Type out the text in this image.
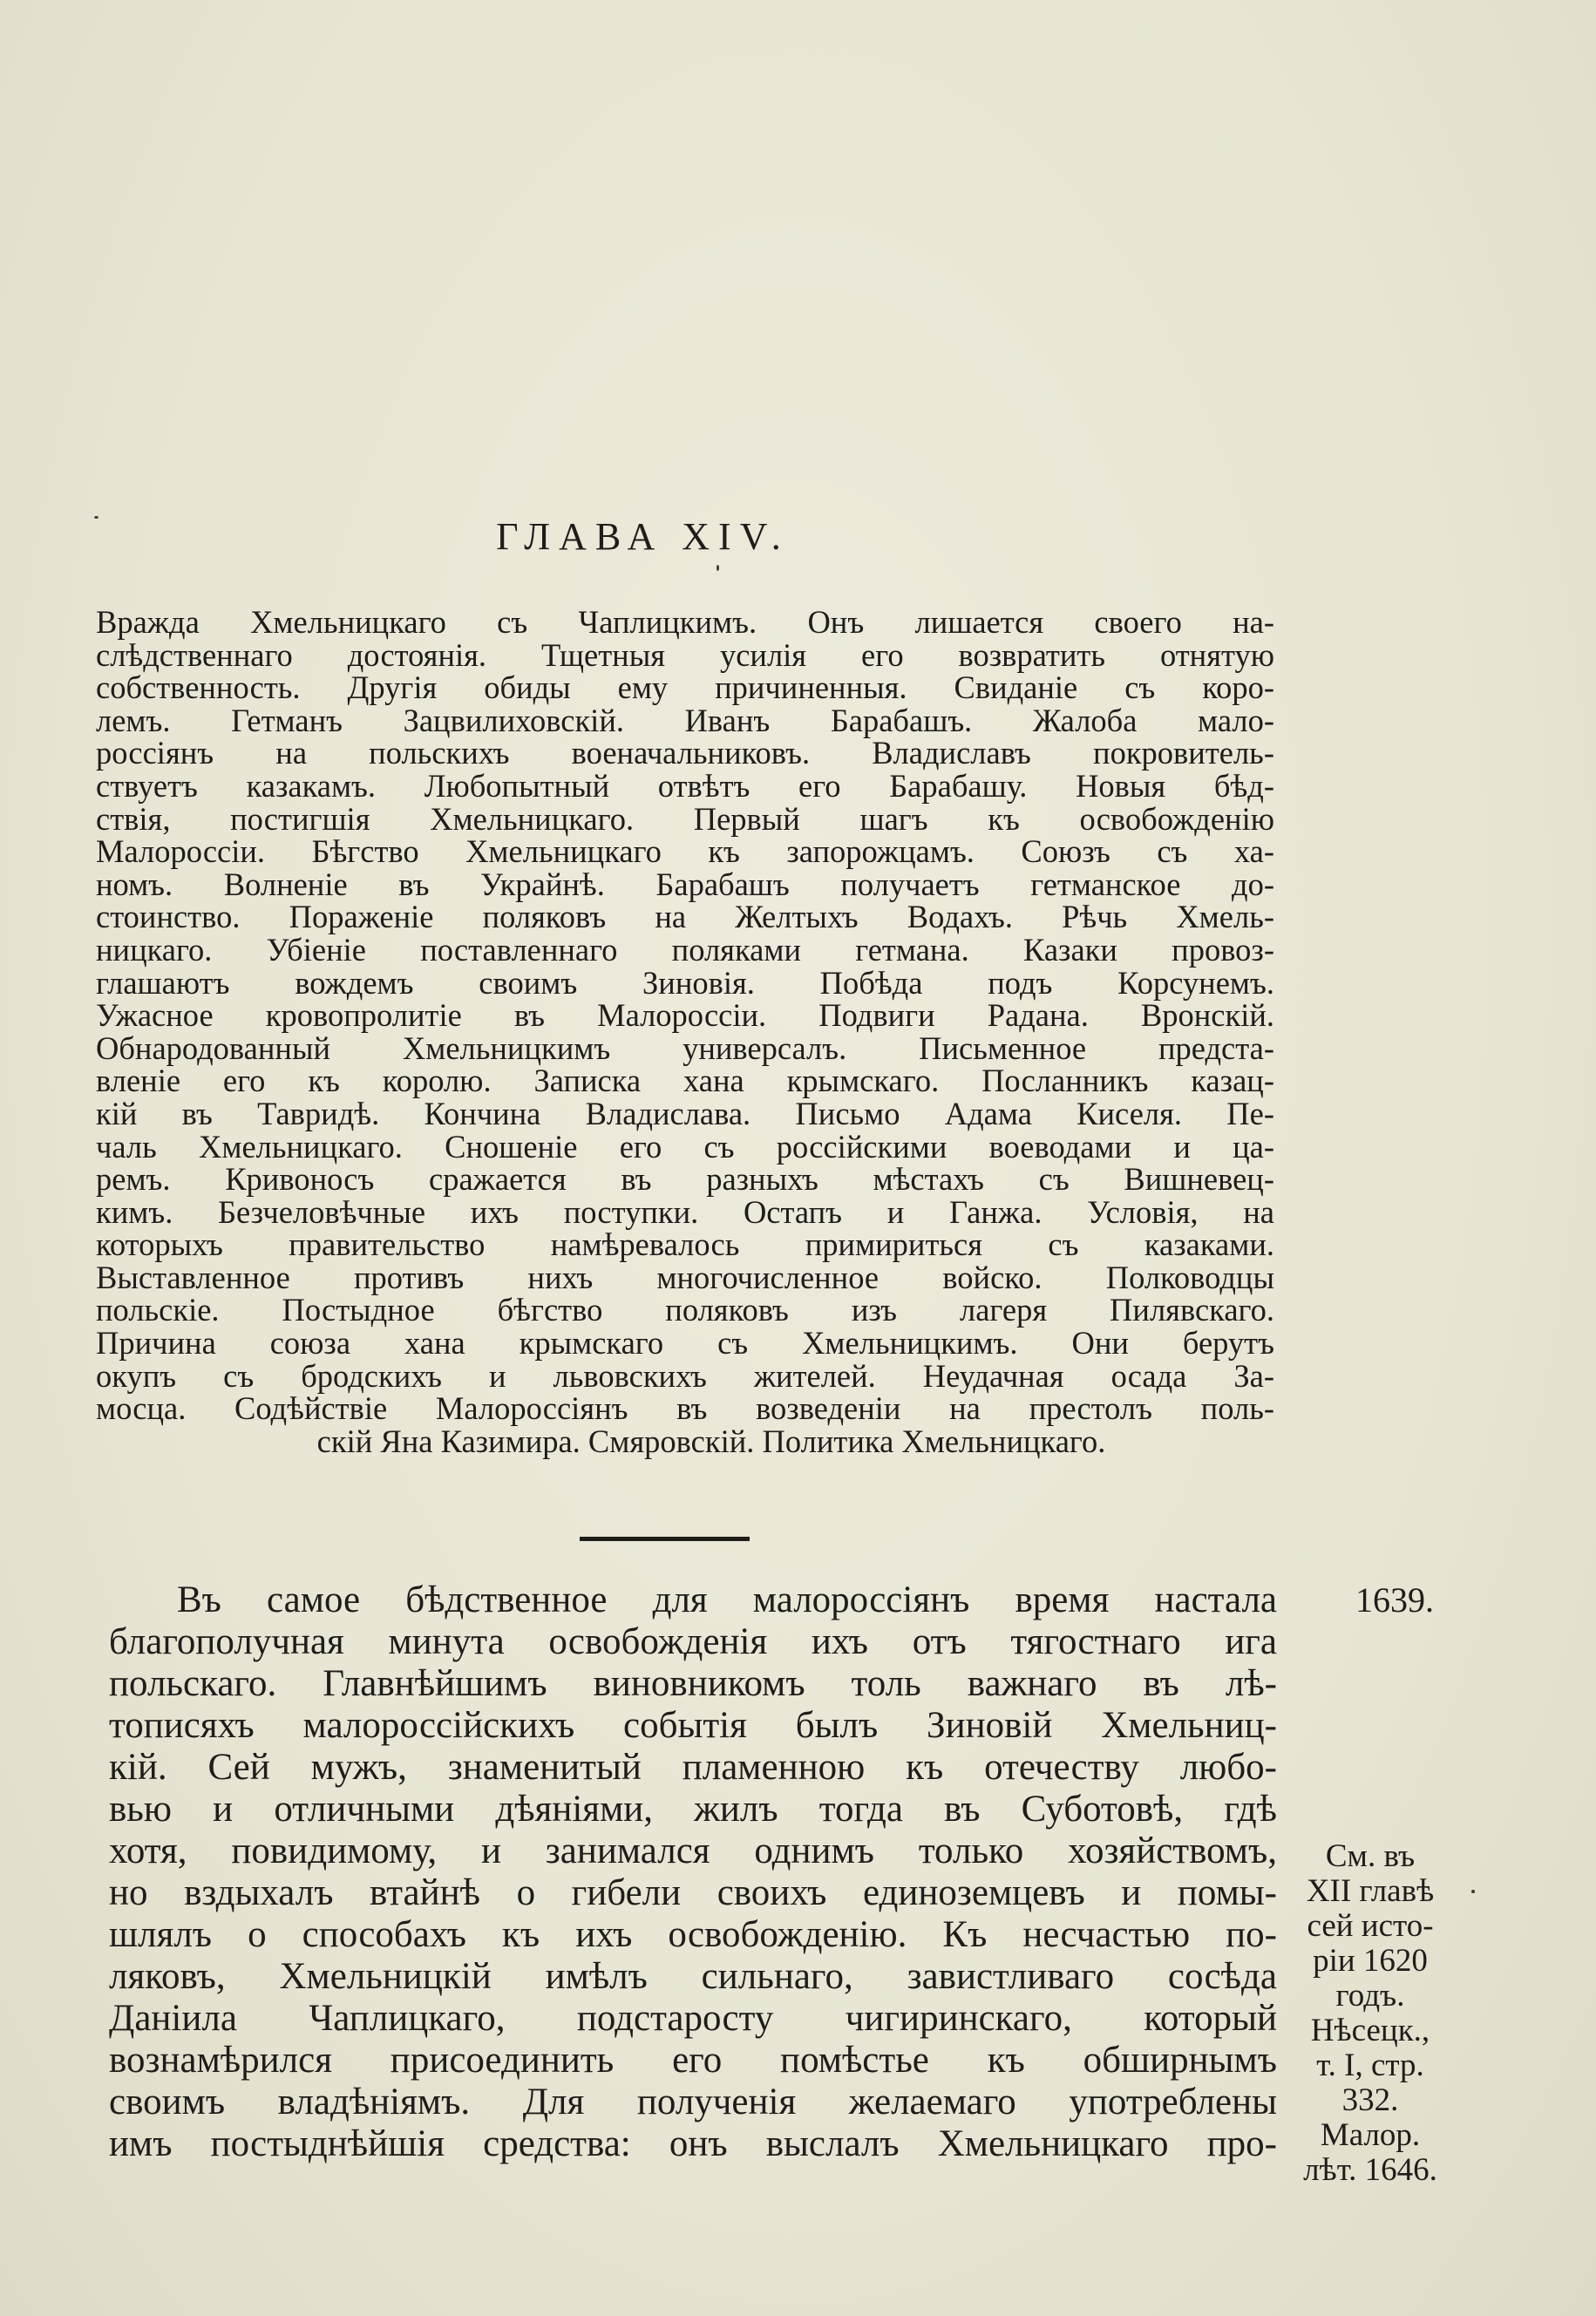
ГЛАВА XIV.
Вражда Хмельницкаго съ Чаплицкимъ. Онъ лишается своего на-
слѣдственнаго достоянія. Тщетныя усилія его возвратить отнятую
собственность. Другія обиды ему причиненныя. Свиданіе съ коро-
лемъ. Гетманъ Зацвилиховскій. Иванъ Барабашъ. Жалоба мало-
россіянъ на польскихъ военачальниковъ. Владиславъ покровитель-
ствуетъ казакамъ. Любопытный отвѣтъ его Барабашу. Новыя бѣд-
ствія, постигшія Хмельницкаго. Первый шагъ къ освобожденію
Малороссіи. Бѣгство Хмельницкаго къ запорожцамъ. Союзъ съ ха-
номъ. Волненіе въ Украйнѣ. Барабашъ получаетъ гетманское до-
стоинство. Пораженіе поляковъ на Желтыхъ Водахъ. Рѣчь Хмель-
ницкаго. Убіеніе поставленнаго поляками гетмана. Казаки провоз-
глашаютъ вождемъ своимъ Зиновія. Побѣда подъ Корсунемъ.
Ужасное кровопролитіе въ Малороссіи. Подвиги Радана. Вронскій.
Обнародованный Хмельницкимъ универсалъ. Письменное предста-
вленіе его къ королю. Записка хана крымскаго. Посланникъ казац-
кій въ Тавридѣ. Кончина Владислава. Письмо Адама Киселя. Пе-
чаль Хмельницкаго. Сношеніе его съ россійскими воеводами и ца-
ремъ. Кривоносъ сражается въ разныхъ мѣстахъ съ Вишневец-
кимъ. Безчеловѣчные ихъ поступки. Остапъ и Ганжа. Условія, на
которыхъ правительство намѣревалось примириться съ казаками.
Выставленное противъ нихъ многочисленное войско. Полководцы
польскіе. Постыдное бѣгство поляковъ изъ лагеря Пилявскаго.
Причина союза хана крымскаго съ Хмельницкимъ. Они берутъ
окупъ съ бродскихъ и львовскихъ жителей. Неудачная осада За-
мосца. Содѣйствіе Малороссіянъ въ возведеніи на престолъ поль-
скій Яна Казимира. Смяровскій. Политика Хмельницкаго.
Въ самое бѣдственное для малороссіянъ время настала
благополучная минута освобожденія ихъ отъ тягостнаго ига
польскаго. Главнѣйшимъ виновникомъ толь важнаго въ лѣ-
тописяхъ малороссійскихъ событія былъ Зиновій Хмельниц-
кій. Сей мужъ, знаменитый пламенною къ отечеству любо-
вью и отличными дѣяніями, жилъ тогда въ Суботовѣ, гдѣ
хотя, повидимому, и занимался однимъ только хозяйствомъ,
но вздыхалъ втайнѣ о гибели своихъ единоземцевъ и помы-
шлялъ о способахъ къ ихъ освобожденію. Къ несчастью по-
ляковъ, Хмельницкій имѣлъ сильнаго, завистливаго сосѣда
Даніила Чаплицкаго, подстаросту чигиринскаго, который
вознамѣрился присоединить его помѣстье къ обширнымъ
своимъ владѣніямъ. Для полученія желаемаго употреблены
имъ постыднѣйшія средства: онъ выслалъ Хмельницкаго про-
1639.
См. въ
XII главѣ
сей исто-
ріи 1620
годъ.
Нѣсецк.,
т. I, стр.
332.
Малор.
лѣт. 1646.
